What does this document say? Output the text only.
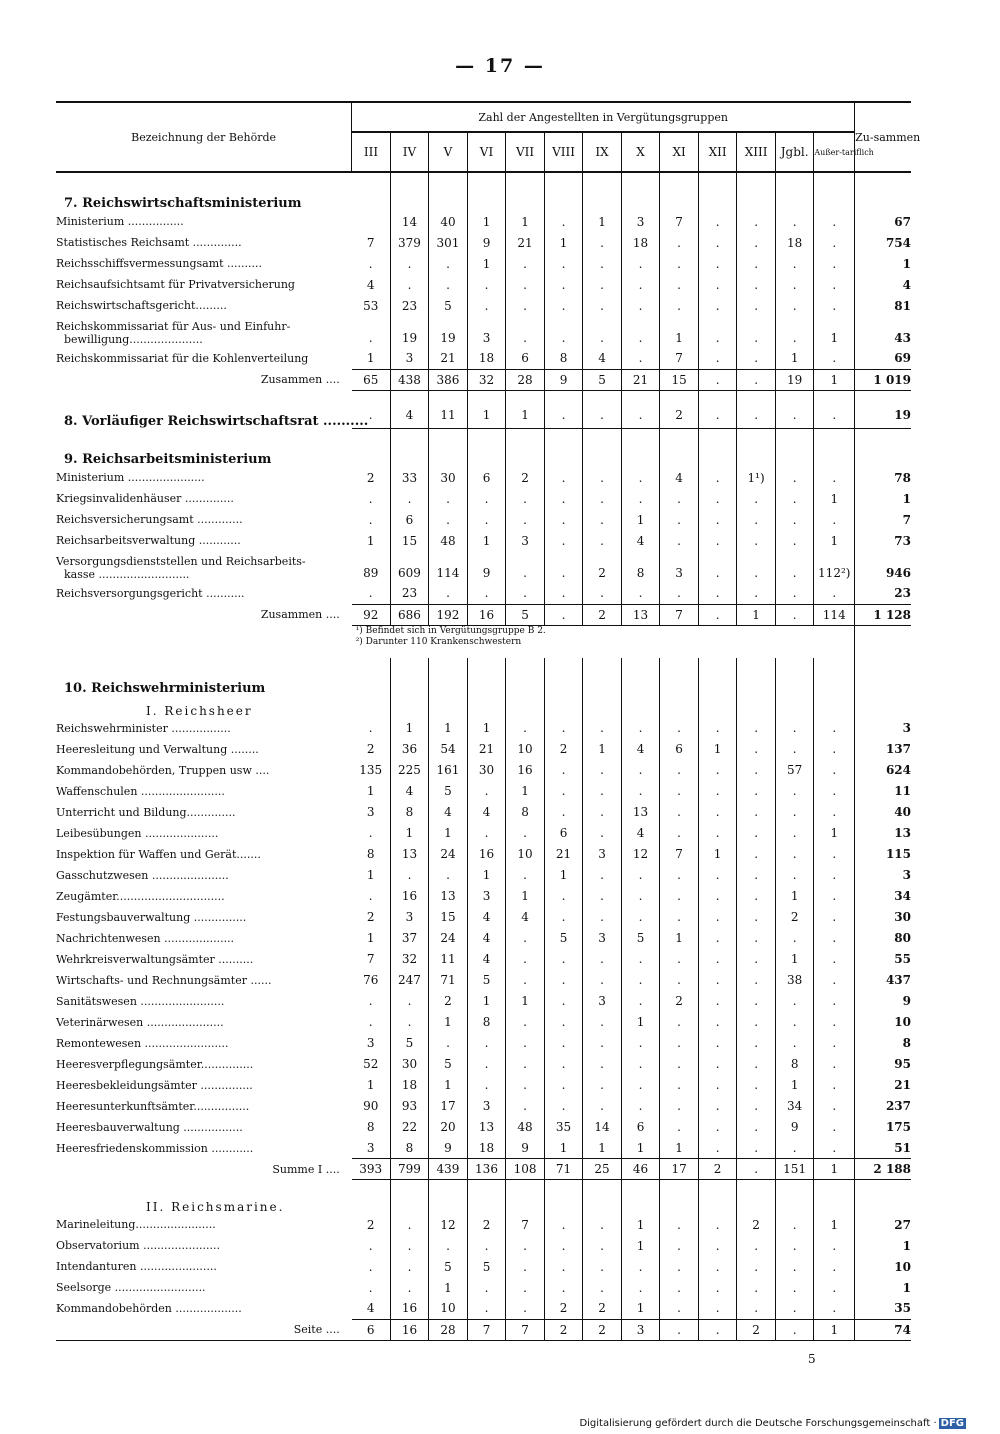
— 17 —
Bezeichnung der Behörde	Zahl der Angestellten in Vergütungsgruppen													Zu-sammen
	III	IV	V	VI	VII	VIII	IX	X	XI	XII	XIII	Jgbl.	Außer-tariflich	

7. Reichswirtschaftsministerium														
Ministerium ................		14	40	1	1	.	1	3	7	.	.	.	.	67
Statistisches Reichsamt ..............	7	379	301	9	21	1	.	18	.	.	.	18	.	754
Reichsschiffsvermessungsamt ..........	.	.	.	1	.	.	.	.	.	.	.	.	.	1
Reichsaufsichtsamt für Privatversicherung	4	.	.	.	.	.	.	.	.	.	.	.	.	4
Reichswirtschaftsgericht.........	53	23	5	.	.	.	.	.	.	.	.	.	.	81
Reichskommissariat für Aus- und Einfuhr-
bewilligung.....................	.	19	19	3	.	.	.	.	1	.	.	.	1	43
Reichskommissariat für die Kohlenverteilung	1	3	21	18	6	8	4	.	7	.	.	1	.	69
Zusammen ....	65	438	386	32	28	9	5	21	15	.	.	19	1	1 019

8. Vorläufiger Reichswirtschaftsrat ..........	.	4	11	1	1	.	.	.	2	.	.	.	.	19

9. Reichsarbeitsministerium														
Ministerium ......................	2	33	30	6	2	.	.	.	4	.	1¹)	.	.	78
Kriegsinvalidenhäuser ..............	.	.	.	.	.	.	.	.	.	.	.	.	1	1
Reichsversicherungsamt .............	.	6	.	.	.	.	.	1	.	.	.	.	.	7
Reichsarbeitsverwaltung ............	1	15	48	1	3	.	.	4	.	.	.	.	1	73
Versorgungsdienststellen und Reichsarbeits-
kasse ..........................	89	609	114	9	.	.	2	8	3	.	.	.	112²)	946
Reichsversorgungsgericht ...........	.	23	.	.	.	.	.	.	.	.	.	.	.	23
Zusammen ....	92	686	192	16	5	.	2	13	7	.	1	.	114	1 128

	¹) Befindet sich in Vergütungsgruppe B 2.
²) Darunter 110 Krankenschwestern													

10. Reichswehrministerium														
I. Reichsheer														
Reichswehrminister .................	.	1	1	1	.	.	.	.	.	.	.	.	.	3
Heeresleitung und Verwaltung ........	2	36	54	21	10	2	1	4	6	1	.	.	.	137
Kommandobehörden, Truppen usw ....	135	225	161	30	16	.	.	.	.	.	.	57	.	624
Waffenschulen ........................	1	4	5	.	1	.	.	.	.	.	.	.	.	11
Unterricht und Bildung..............	3	8	4	4	8	.	.	13	.	.	.	.	.	40
Leibesübungen .....................	.	1	1	.	.	6	.	4	.	.	.	.	1	13
Inspektion für Waffen und Gerät.......	8	13	24	16	10	21	3	12	7	1	.	.	.	115
Gasschutzwesen ......................	1	.	.	1	.	1	.	.	.	.	.	.	.	3
Zeugämter...............................	.	16	13	3	1	.	.	.	.	.	.	1	.	34
Festungsbauverwaltung ...............	2	3	15	4	4	.	.	.	.	.	.	2	.	30
Nachrichtenwesen ....................	1	37	24	4	.	5	3	5	1	.	.	.	.	80
Wehrkreisverwaltungsämter ..........	7	32	11	4	.	.	.	.	.	.	.	1	.	55
Wirtschafts- und Rechnungsämter ......	76	247	71	5	.	.	.	.	.	.	.	38	.	437
Sanitätswesen ........................	.	.	2	1	1	.	3	.	2	.	.	.	.	9
Veterinärwesen ......................	.	.	1	8	.	.	.	1	.	.	.	.	.	10
Remontewesen ........................	3	5	.	.	.	.	.	.	.	.	.	.	.	8
Heeresverpflegungsämter...............	52	30	5	.	.	.	.	.	.	.	.	8	.	95
Heeresbekleidungsämter ...............	1	18	1	.	.	.	.	.	.	.	.	1	.	21
Heeresunterkunftsämter................	90	93	17	3	.	.	.	.	.	.	.	34	.	237
Heeresbauverwaltung .................	8	22	20	13	48	35	14	6	.	.	.	9	.	175
Heeresfriedenskommission ............	3	8	9	18	9	1	1	1	1	.	.	.	.	51
Summe I ....	393	799	439	136	108	71	25	46	17	2	.	151	1	2 188

II. Reichsmarine.														
Marineleitung.......................	2	.	12	2	7	.	.	1	.	.	2	.	1	27
Observatorium ......................	.	.	.	.	.	.	.	1	.	.	.	.	.	1
Intendanturen ......................	.	.	5	5	.	.	.	.	.	.	.	.	.	10
Seelsorge ..........................	.	.	1	.	.	.	.	.	.	.	.	.	.	1
Kommandobehörden ...................	4	16	10	.	.	2	2	1	.	.	.	.	.	35
Seite ....	6	16	28	7	7	2	2	3	.	.	2	.	1	74

5
Digitalisierung gefördert durch die Deutsche Forschungsgemeinschaft · DFG
